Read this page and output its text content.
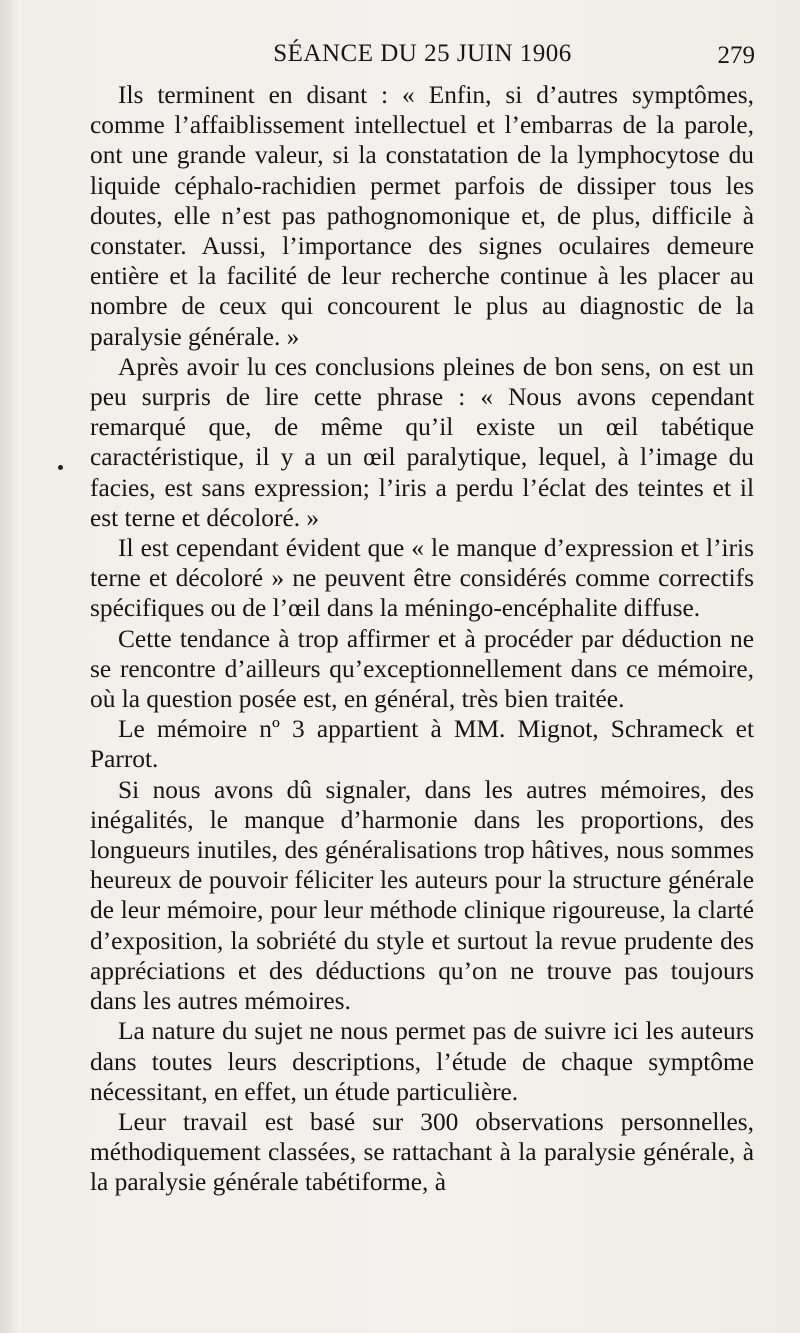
SÉANCE DU 25 JUIN 1906	279

Ils terminent en disant : « Enfin, si d’autres symptômes, comme l’affaiblissement intellectuel et l’embarras de la parole, ont une grande valeur, si la constatation de la lymphocytose du liquide céphalo-rachidien permet parfois de dissiper tous les doutes, elle n’est pas pathognomonique et, de plus, difficile à constater. Aussi, l’importance des signes oculaires demeure entière et la facilité de leur recherche continue à les placer au nombre de ceux qui concourent le plus au diagnostic de la paralysie générale. »

Après avoir lu ces conclusions pleines de bon sens, on est un peu surpris de lire cette phrase : « Nous avons cependant remarqué que, de même qu’il existe un œil tabétique caractéristique, il y a un œil paralytique, lequel, à l’image du facies, est sans expression; l’iris a perdu l’éclat des teintes et il est terne et décoloré. »

Il est cependant évident que « le manque d’expression et l’iris terne et décoloré » ne peuvent être considérés comme correctifs spécifiques ou de l’œil dans la méningo-encéphalite diffuse.

Cette tendance à trop affirmer et à procéder par déduction ne se rencontre d’ailleurs qu’exceptionnellement dans ce mémoire, où la question posée est, en général, très bien traitée.

Le mémoire nº 3 appartient à MM. Mignot, Schrameck et Parrot.

Si nous avons dû signaler, dans les autres mémoires, des inégalités, le manque d’harmonie dans les proportions, des longueurs inutiles, des généralisations trop hâtives, nous sommes heureux de pouvoir féliciter les auteurs pour la structure générale de leur mémoire, pour leur méthode clinique rigoureuse, la clarté d’exposition, la sobriété du style et surtout la revue prudente des appréciations et des déductions qu’on ne trouve pas toujours dans les autres mémoires.

La nature du sujet ne nous permet pas de suivre ici les auteurs dans toutes leurs descriptions, l’étude de chaque symptôme nécessitant, en effet, un étude particulière.

Leur travail est basé sur 300 observations personnelles, méthodiquement classées, se rattachant à la paralysie générale, à la paralysie générale tabétiforme, à
